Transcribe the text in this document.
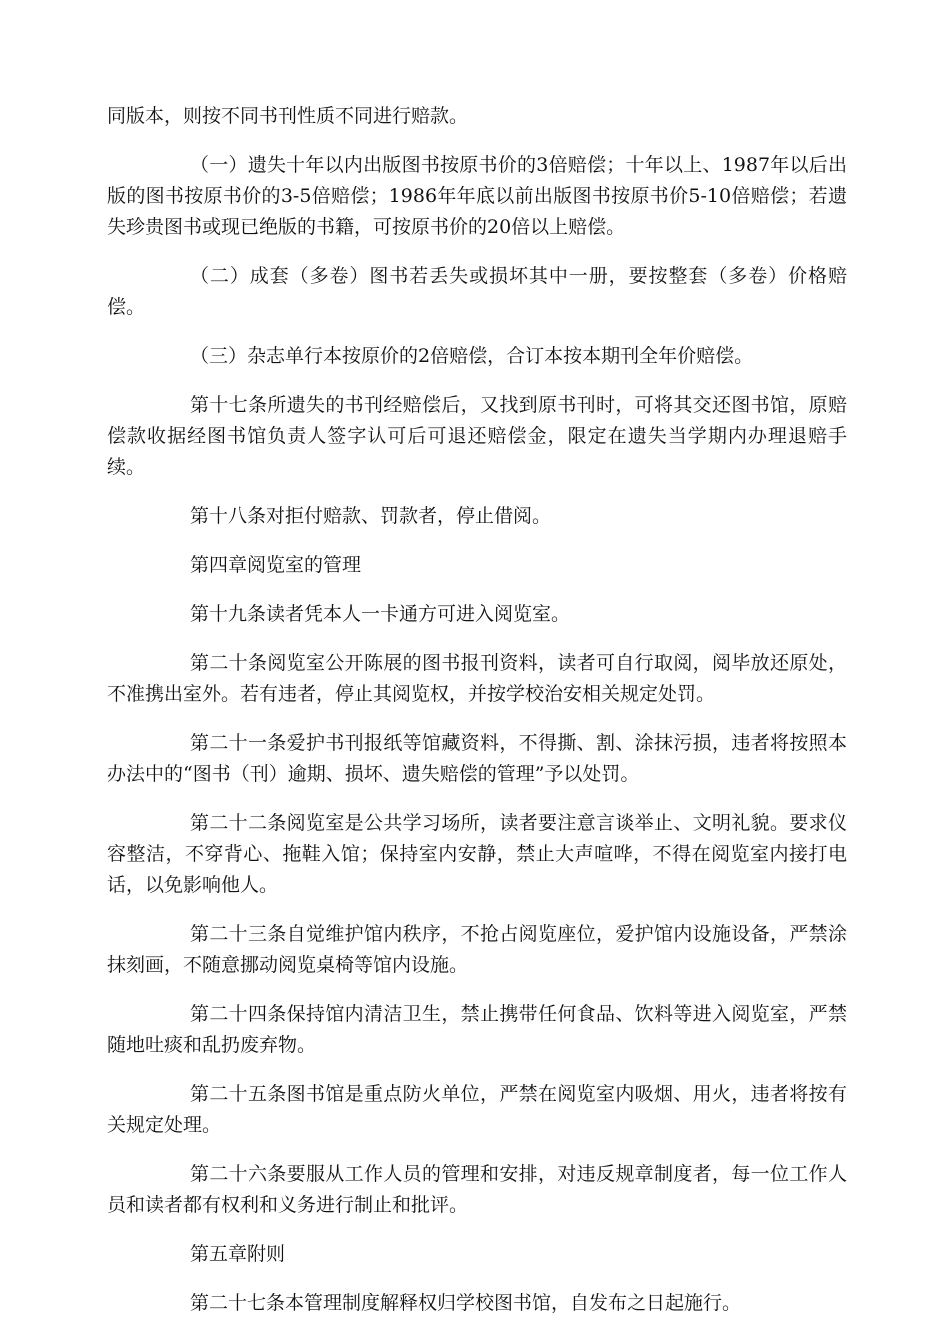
同版本，则按不同书刊性质不同进行赔款。

（一）遗失十年以内出版图书按原书价的3倍赔偿；十年以上、1987年以后出版的图书按原书价的3-5倍赔偿；1986年年底以前出版图书按原书价5-10倍赔偿；若遗失珍贵图书或现已绝版的书籍，可按原书价的20倍以上赔偿。

（二）成套（多卷）图书若丢失或损坏其中一册，要按整套（多卷）价格赔偿。

（三）杂志单行本按原价的2倍赔偿，合订本按本期刊全年价赔偿。

第十七条所遗失的书刊经赔偿后，又找到原书刊时，可将其交还图书馆，原赔偿款收据经图书馆负责人签字认可后可退还赔偿金，限定在遗失当学期内办理退赔手续。

第十八条对拒付赔款、罚款者，停止借阅。

第四章阅览室的管理

第十九条读者凭本人一卡通方可进入阅览室。

第二十条阅览室公开陈展的图书报刊资料，读者可自行取阅，阅毕放还原处，不准携出室外。若有违者，停止其阅览权，并按学校治安相关规定处罚。

第二十一条爱护书刊报纸等馆藏资料，不得撕、割、涂抹污损，违者将按照本办法中的“图书（刊）逾期、损坏、遗失赔偿的管理”予以处罚。

第二十二条阅览室是公共学习场所，读者要注意言谈举止、文明礼貌。要求仪容整洁，不穿背心、拖鞋入馆；保持室内安静，禁止大声喧哗，不得在阅览室内接打电话，以免影响他人。

第二十三条自觉维护馆内秩序，不抢占阅览座位，爱护馆内设施设备，严禁涂抹刻画，不随意挪动阅览桌椅等馆内设施。

第二十四条保持馆内清洁卫生，禁止携带任何食品、饮料等进入阅览室，严禁随地吐痰和乱扔废弃物。

第二十五条图书馆是重点防火单位，严禁在阅览室内吸烟、用火，违者将按有关规定处理。

第二十六条要服从工作人员的管理和安排，对违反规章制度者，每一位工作人员和读者都有权利和义务进行制止和批评。

第五章附则

第二十七条本管理制度解释权归学校图书馆，自发布之日起施行。
